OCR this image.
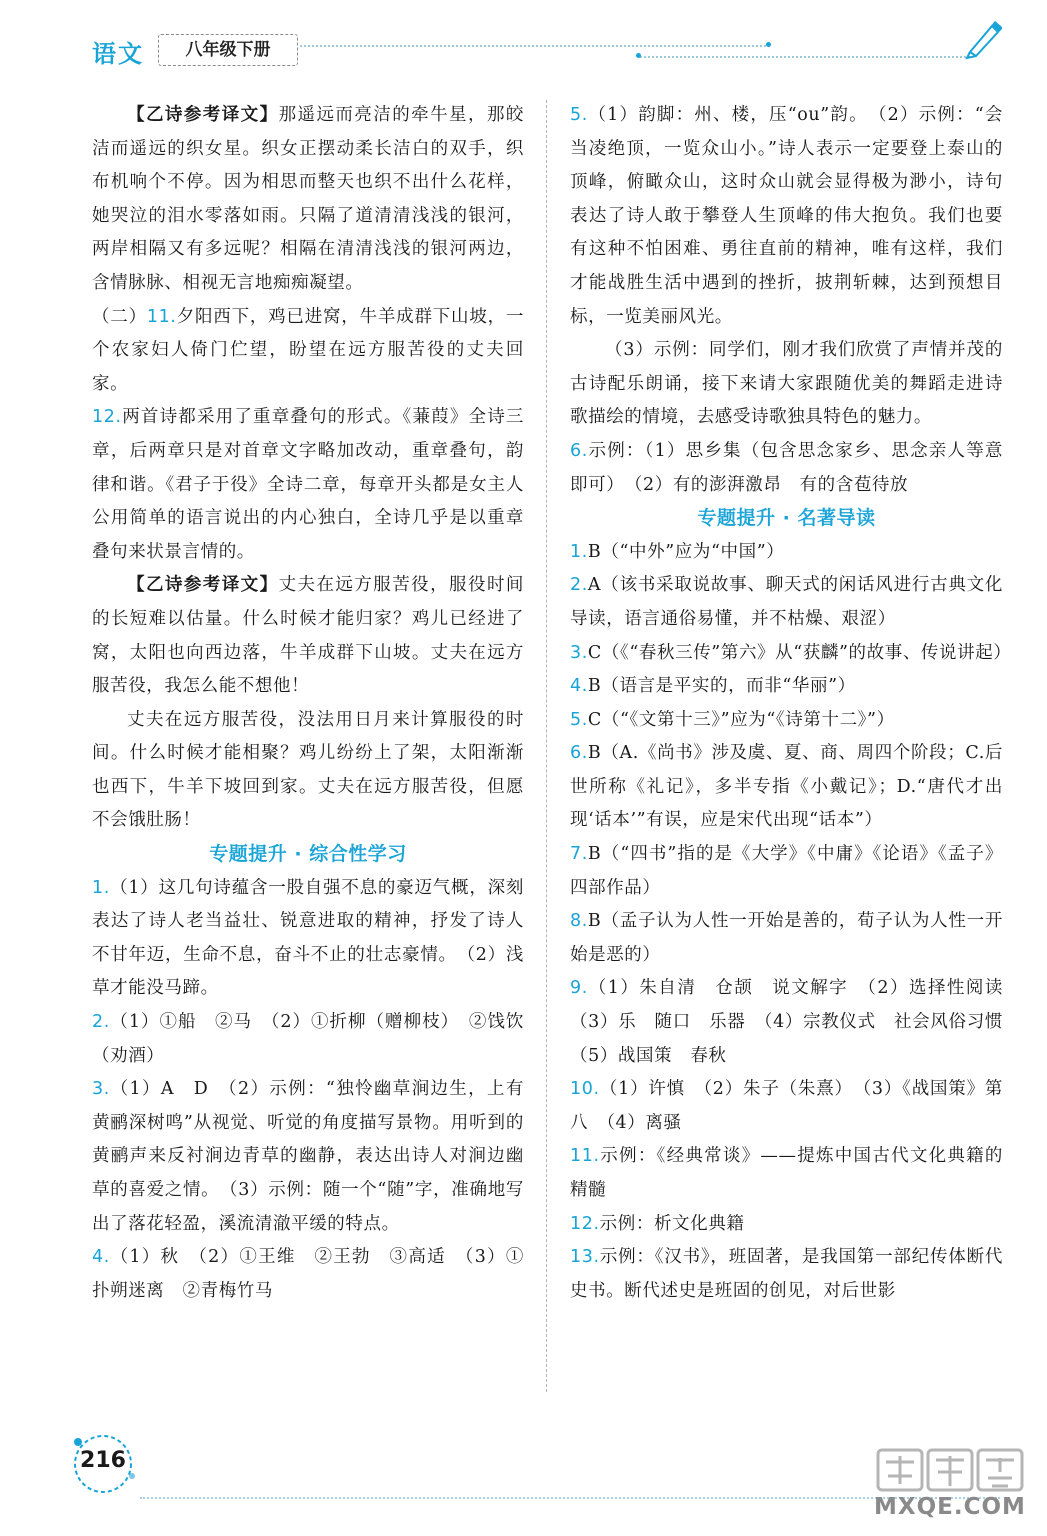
语文	八年级下册

【乙诗参考译文】那遥远而亮洁的牵牛星，那皎洁而遥远的织女星。织女正摆动柔长洁白的双手，织布机响个不停。因为相思而整天也织不出什么花样，她哭泣的泪水零落如雨。只隔了道清清浅浅的银河，两岸相隔又有多远呢？相隔在清清浅浅的银河两边，含情脉脉、相视无言地痴痴凝望。

（二）11.夕阳西下，鸡已进窝，牛羊成群下山坡，一个农家妇人倚门伫望，盼望在远方服苦役的丈夫回家。

12.两首诗都采用了重章叠句的形式。《蒹葭》全诗三章，后两章只是对首章文字略加改动，重章叠句，韵律和谐。《君子于役》全诗二章，每章开头都是女主人公用简单的语言说出的内心独白，全诗几乎是以重章叠句来状景言情的。

【乙诗参考译文】丈夫在远方服苦役，服役时间的长短难以估量。什么时候才能归家？鸡儿已经进了窝，太阳也向西边落，牛羊成群下山坡。丈夫在远方服苦役，我怎么能不想他！

丈夫在远方服苦役，没法用日月来计算服役的时间。什么时候才能相聚？鸡儿纷纷上了架，太阳渐渐也西下，牛羊下坡回到家。丈夫在远方服苦役，但愿不会饿肚肠！

专题提升 · 综合性学习

1.（1）这几句诗蕴含一股自强不息的豪迈气概，深刻表达了诗人老当益壮、锐意进取的精神，抒发了诗人不甘年迈，生命不息，奋斗不止的壮志豪情。　（2）浅草才能没马蹄。

2.（1）①船　②马　（2）①折柳（赠柳枝）　②饯饮（劝酒）

3.（1）A　D　（2）示例：“独怜幽草涧边生，上有黄鹂深树鸣”从视觉、听觉的角度描写景物。用听到的黄鹂声来反衬涧边青草的幽静，表达出诗人对涧边幽草的喜爱之情。　（3）示例：随一个“随”字，准确地写出了落花轻盈，溪流清澈平缓的特点。

4.（1）秋　（2）①王维　②王勃　③高适　（3）①扑朔迷离　②青梅竹马

5.（1）韵脚：州、楼，压“ou”韵。　（2）示例：“会当凌绝顶，一览众山小。”诗人表示一定要登上泰山的顶峰，俯瞰众山，这时众山就会显得极为渺小，诗句表达了诗人敢于攀登人生顶峰的伟大抱负。我们也要有这种不怕困难、勇往直前的精神，唯有这样，我们才能战胜生活中遇到的挫折，披荆斩棘，达到预想目标，一览美丽风光。

（3）示例：同学们，刚才我们欣赏了声情并茂的古诗配乐朗诵，接下来请大家跟随优美的舞蹈走进诗歌描绘的情境，去感受诗歌独具特色的魅力。

6.示例：（1）思乡集（包含思念家乡、思念亲人等意即可）　（2）有的澎湃激昂　有的含苞待放

专题提升 · 名著导读

1.B（“中外”应为“中国”）

2.A（该书采取说故事、聊天式的闲话风进行古典文化导读，语言通俗易懂，并不枯燥、艰涩）

3.C（《“春秋三传”第六》从“获麟”的故事、传说讲起）

4.B（语言是平实的，而非“华丽”）

5.C（“《文第十三》”应为“《诗第十二》”）

6.B（A.《尚书》涉及虞、夏、商、周四个阶段；C.后世所称《礼记》，多半专指《小戴记》；D.“唐代才出现‘话本’”有误，应是宋代出现“话本”）

7.B（“四书”指的是《大学》《中庸》《论语》《孟子》四部作品）

8.B（孟子认为人性一开始是善的，荀子认为人性一开始是恶的）

9.（1）朱自清　仓颉　说文解字　（2）选择性阅读　（3）乐　随口　乐器　（4）宗教仪式　社会风俗习惯　（5）战国策　春秋

10.（1）许慎　（2）朱子（朱熹）　（3）《战国策》第八　（4）离骚

11.示例：《经典常谈》——提炼中国古代文化典籍的精髓

12.示例：析文化典籍

13.示例：《汉书》，班固著，是我国第一部纪传体断代史书。断代述史是班固的创见，对后世影

216
MXQE.COM
